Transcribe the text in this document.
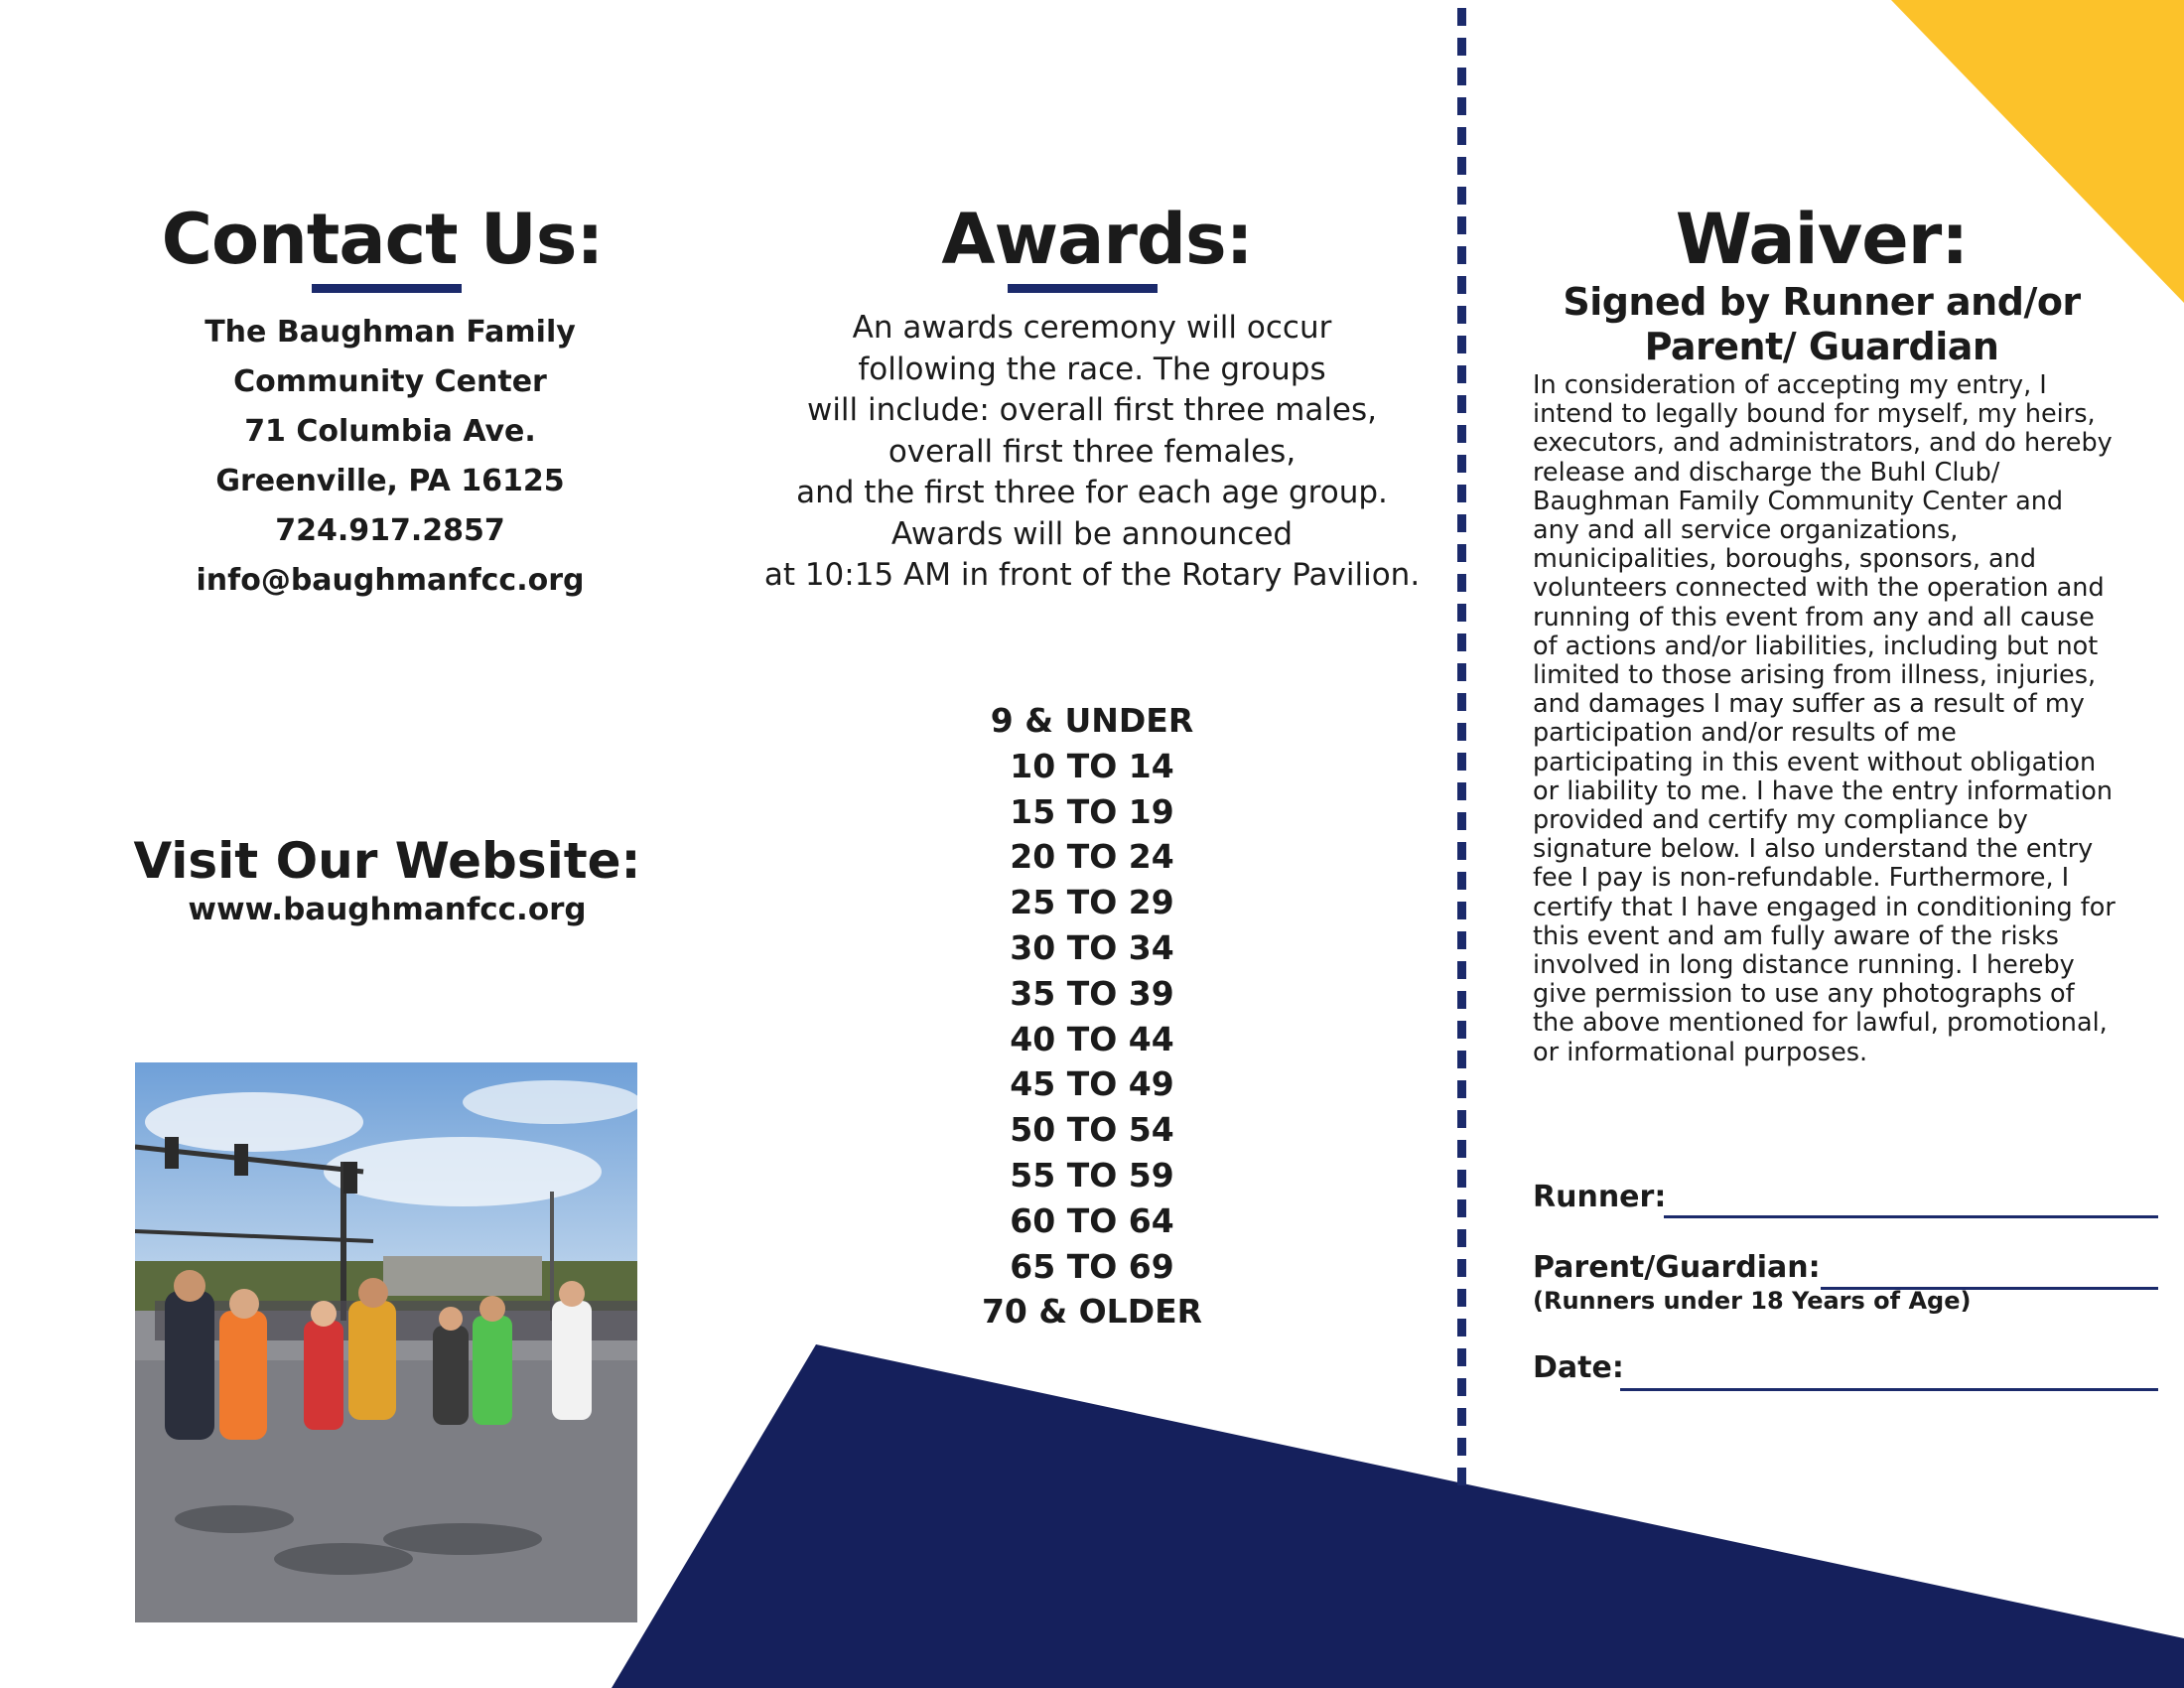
Contact Us:
The Baughman Family
Community Center
71 Columbia Ave.
Greenville, PA 16125
724.917.2857
info@baughmanfcc.org
Visit Our Website:
www.baughmanfcc.org
Awards:
An awards ceremony will occur
following the race. The groups
will include: overall first three males,
overall first three females,
and the first three for each age group.
Awards will be announced
at 10:15 AM in front of the Rotary Pavilion.
9 & UNDER
10 TO 14
15 TO 19
20 TO 24
25 TO 29
30 TO 34
35 TO 39
40 TO 44
45 TO 49
50 TO 54
55 TO 59
60 TO 64
65 TO 69
70 & OLDER
Waiver:
Signed by Runner and/or
Parent/ Guardian
In consideration of accepting my entry, I
intend to legally bound for myself, my heirs,
executors, and administrators, and do hereby
release and discharge the Buhl Club/
Baughman Family Community Center and
any and all service organizations,
municipalities, boroughs, sponsors, and
volunteers connected with the operation and
running of this event from any and all cause
of actions and/or liabilities, including but not
limited to those arising from illness, injuries,
and damages I may suffer as a result of my
participation and/or results of me
participating in this event without obligation
or liability to me. I have the entry information
provided and certify my compliance by
signature below. I also understand the entry
fee I pay is non-refundable. Furthermore, I
certify that I have engaged in conditioning for
this event and am fully aware of the risks
involved in long distance running. I hereby
give permission to use any photographs of
the above mentioned for lawful, promotional,
or informational purposes.
Runner:
Parent/Guardian:
(Runners under 18 Years of Age)
Date:
